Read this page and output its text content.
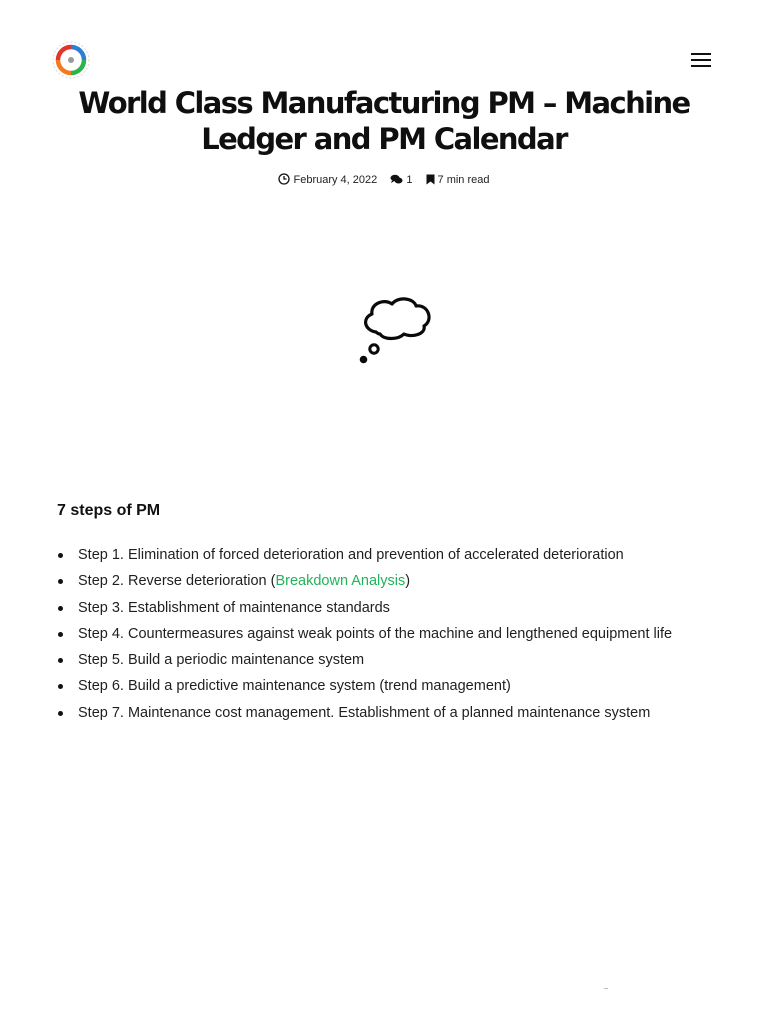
World Class Manufacturing PM – Machine Ledger and PM Calendar
February 4, 2022	1 7 min read
7 steps of PM
Step 1. Elimination of forced deterioration and prevention of accelerated deterioration
Step 2. Reverse deterioration (Breakdown Analysis)
Step 3. Establishment of maintenance standards
Step 4. Countermeasures against weak points of the machine and lengthened equipment life
Step 5. Build a periodic maintenance system
Step 6. Build a predictive maintenance system (trend management)
Step 7. Maintenance cost management. Establishment of a planned maintenance system
